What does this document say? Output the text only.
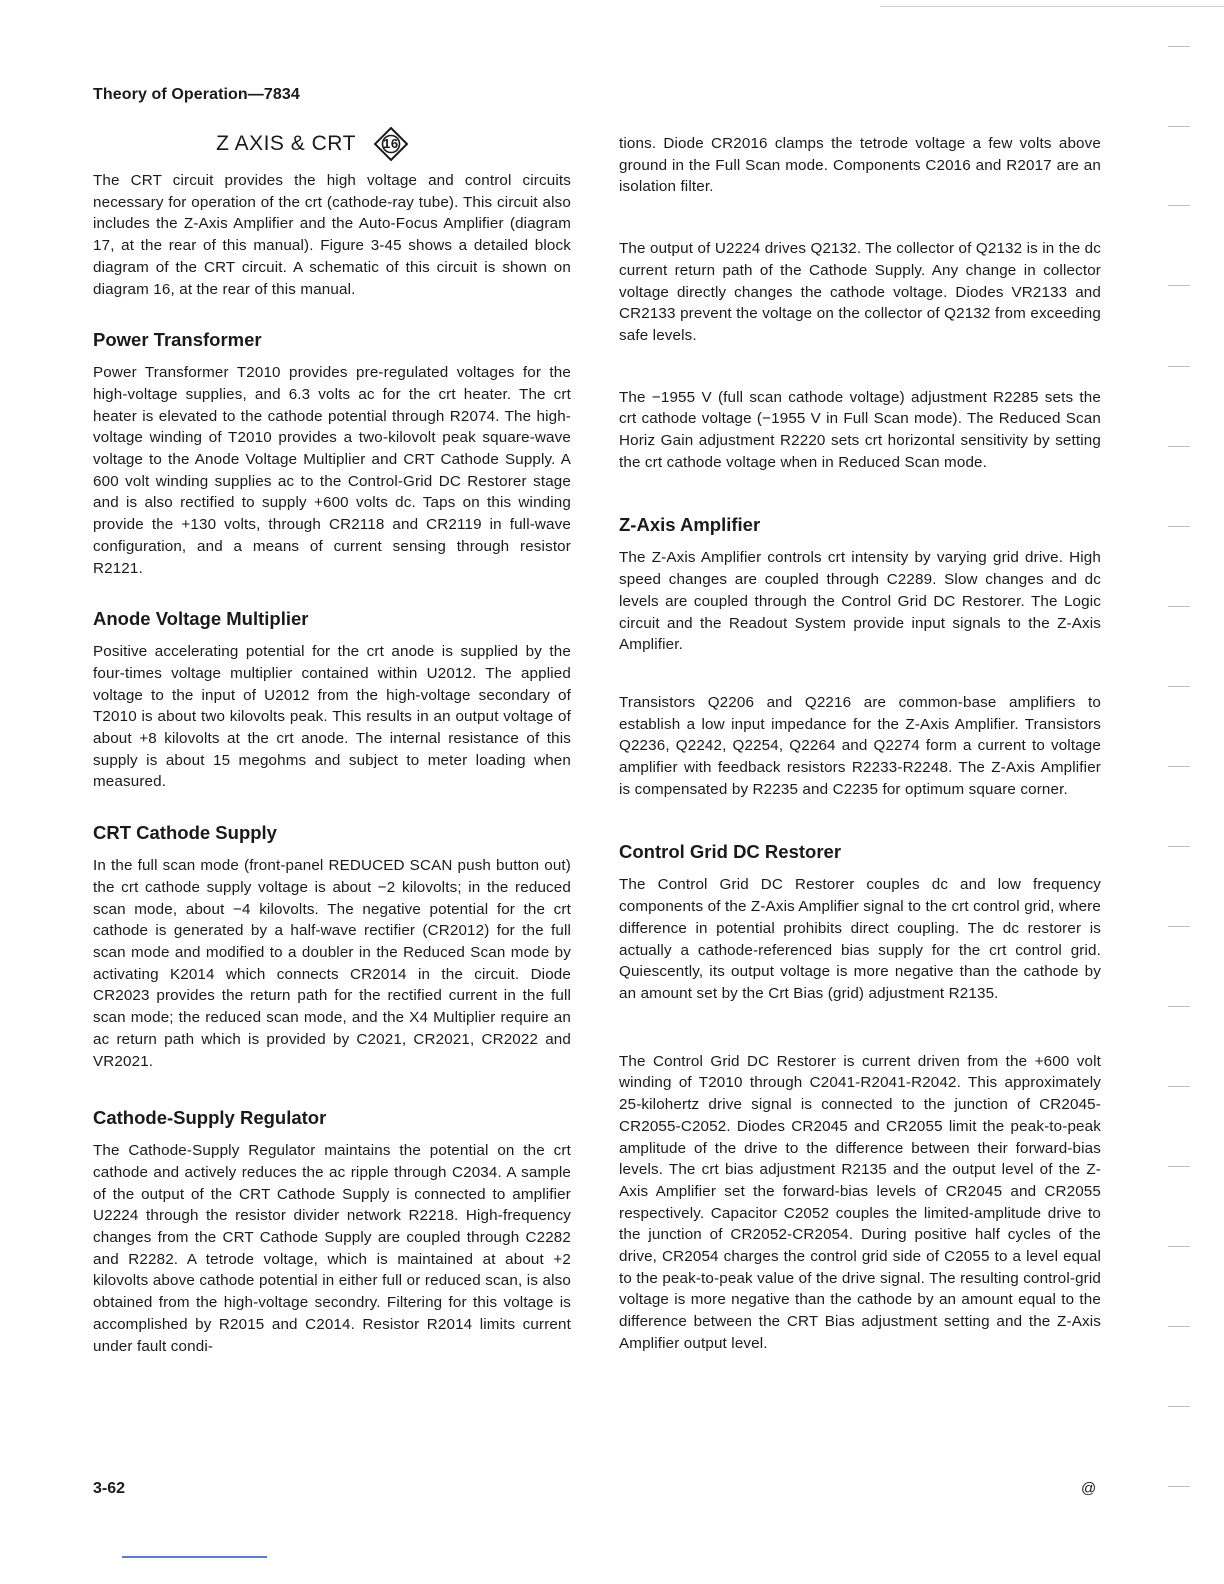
Theory of Operation—7834
Z AXIS & CRT	16

The CRT circuit provides the high voltage and control circuits necessary for operation of the crt (cathode-ray tube). This circuit also includes the Z-Axis Amplifier and the Auto-Focus Amplifier (diagram 17, at the rear of this manual). Figure 3-45 shows a detailed block diagram of the CRT circuit. A schematic of this circuit is shown on diagram 16, at the rear of this manual.

Power Transformer

Power Transformer T2010 provides pre-regulated voltages for the high-voltage supplies, and 6.3 volts ac for the crt heater. The crt heater is elevated to the cathode potential through R2074. The high-voltage winding of T2010 provides a two-kilovolt peak square-wave voltage to the Anode Voltage Multiplier and CRT Cathode Supply. A 600 volt winding supplies ac to the Control-Grid DC Restorer stage and is also rectified to supply +600 volts dc. Taps on this winding provide the +130 volts, through CR2118 and CR2119 in full-wave configuration, and a means of current sensing through resistor R2121.

Anode Voltage Multiplier

Positive accelerating potential for the crt anode is supplied by the four-times voltage multiplier contained within U2012. The applied voltage to the input of U2012 from the high-voltage secondary of T2010 is about two kilovolts peak. This results in an output voltage of about +8 kilovolts at the crt anode. The internal resistance of this supply is about 15 megohms and subject to meter loading when measured.

CRT Cathode Supply

In the full scan mode (front-panel REDUCED SCAN push button out) the crt cathode supply voltage is about −2 kilovolts; in the reduced scan mode, about −4 kilovolts. The negative potential for the crt cathode is generated by a half-wave rectifier (CR2012) for the full scan mode and modified to a doubler in the Reduced Scan mode by activating K2014 which connects CR2014 in the circuit. Diode CR2023 provides the return path for the rectified current in the full scan mode; the reduced scan mode, and the X4 Multiplier require an ac return path which is provided by C2021, CR2021, CR2022 and VR2021.

Cathode-Supply Regulator

The Cathode-Supply Regulator maintains the potential on the crt cathode and actively reduces the ac ripple through C2034. A sample of the output of the CRT Cathode Supply is connected to amplifier U2224 through the resistor divider network R2218. High-frequency changes from the CRT Cathode Supply are coupled through C2282 and R2282. A tetrode voltage, which is maintained at about +2 kilovolts above cathode potential in either full or reduced scan, is also obtained from the high-voltage secondry. Filtering for this voltage is accomplished by R2015 and C2014. Resistor R2014 limits current under fault condi-

tions. Diode CR2016 clamps the tetrode voltage a few volts above ground in the Full Scan mode. Components C2016 and R2017 are an isolation filter.

The output of U2224 drives Q2132. The collector of Q2132 is in the dc current return path of the Cathode Supply. Any change in collector voltage directly changes the cathode voltage. Diodes VR2133 and CR2133 prevent the voltage on the collector of Q2132 from exceeding safe levels.

The −1955 V (full scan cathode voltage) adjustment R2285 sets the crt cathode voltage (−1955 V in Full Scan mode). The Reduced Scan Horiz Gain adjustment R2220 sets crt horizontal sensitivity by setting the crt cathode voltage when in Reduced Scan mode.

Z-Axis Amplifier

The Z-Axis Amplifier controls crt intensity by varying grid drive. High speed changes are coupled through C2289. Slow changes and dc levels are coupled through the Control Grid DC Restorer. The Logic circuit and the Readout System provide input signals to the Z-Axis Amplifier.

Transistors Q2206 and Q2216 are common-base amplifiers to establish a low input impedance for the Z-Axis Amplifier. Transistors Q2236, Q2242, Q2254, Q2264 and Q2274 form a current to voltage amplifier with feedback resistors R2233-R2248. The Z-Axis Amplifier is compensated by R2235 and C2235 for optimum square corner.

Control Grid DC Restorer

The Control Grid DC Restorer couples dc and low frequency components of the Z-Axis Amplifier signal to the crt control grid, where difference in potential prohibits direct coupling. The dc restorer is actually a cathode-referenced bias supply for the crt control grid. Quiescently, its output voltage is more negative than the cathode by an amount set by the Crt Bias (grid) adjustment R2135.

The Control Grid DC Restorer is current driven from the +600 volt winding of T2010 through C2041-R2041-R2042. This approximately 25-kilohertz drive signal is connected to the junction of CR2045-CR2055-C2052. Diodes CR2045 and CR2055 limit the peak-to-peak amplitude of the drive to the difference between their forward-bias levels. The crt bias adjustment R2135 and the output level of the Z-Axis Amplifier set the forward-bias levels of CR2045 and CR2055 respectively. Capacitor C2052 couples the limited-amplitude drive to the junction of CR2052-CR2054. During positive half cycles of the drive, CR2054 charges the control grid side of C2055 to a level equal to the peak-to-peak value of the drive signal. The resulting control-grid voltage is more negative than the cathode by an amount equal to the difference between the CRT Bias adjustment setting and the Z-Axis Amplifier output level.

3-62	@
